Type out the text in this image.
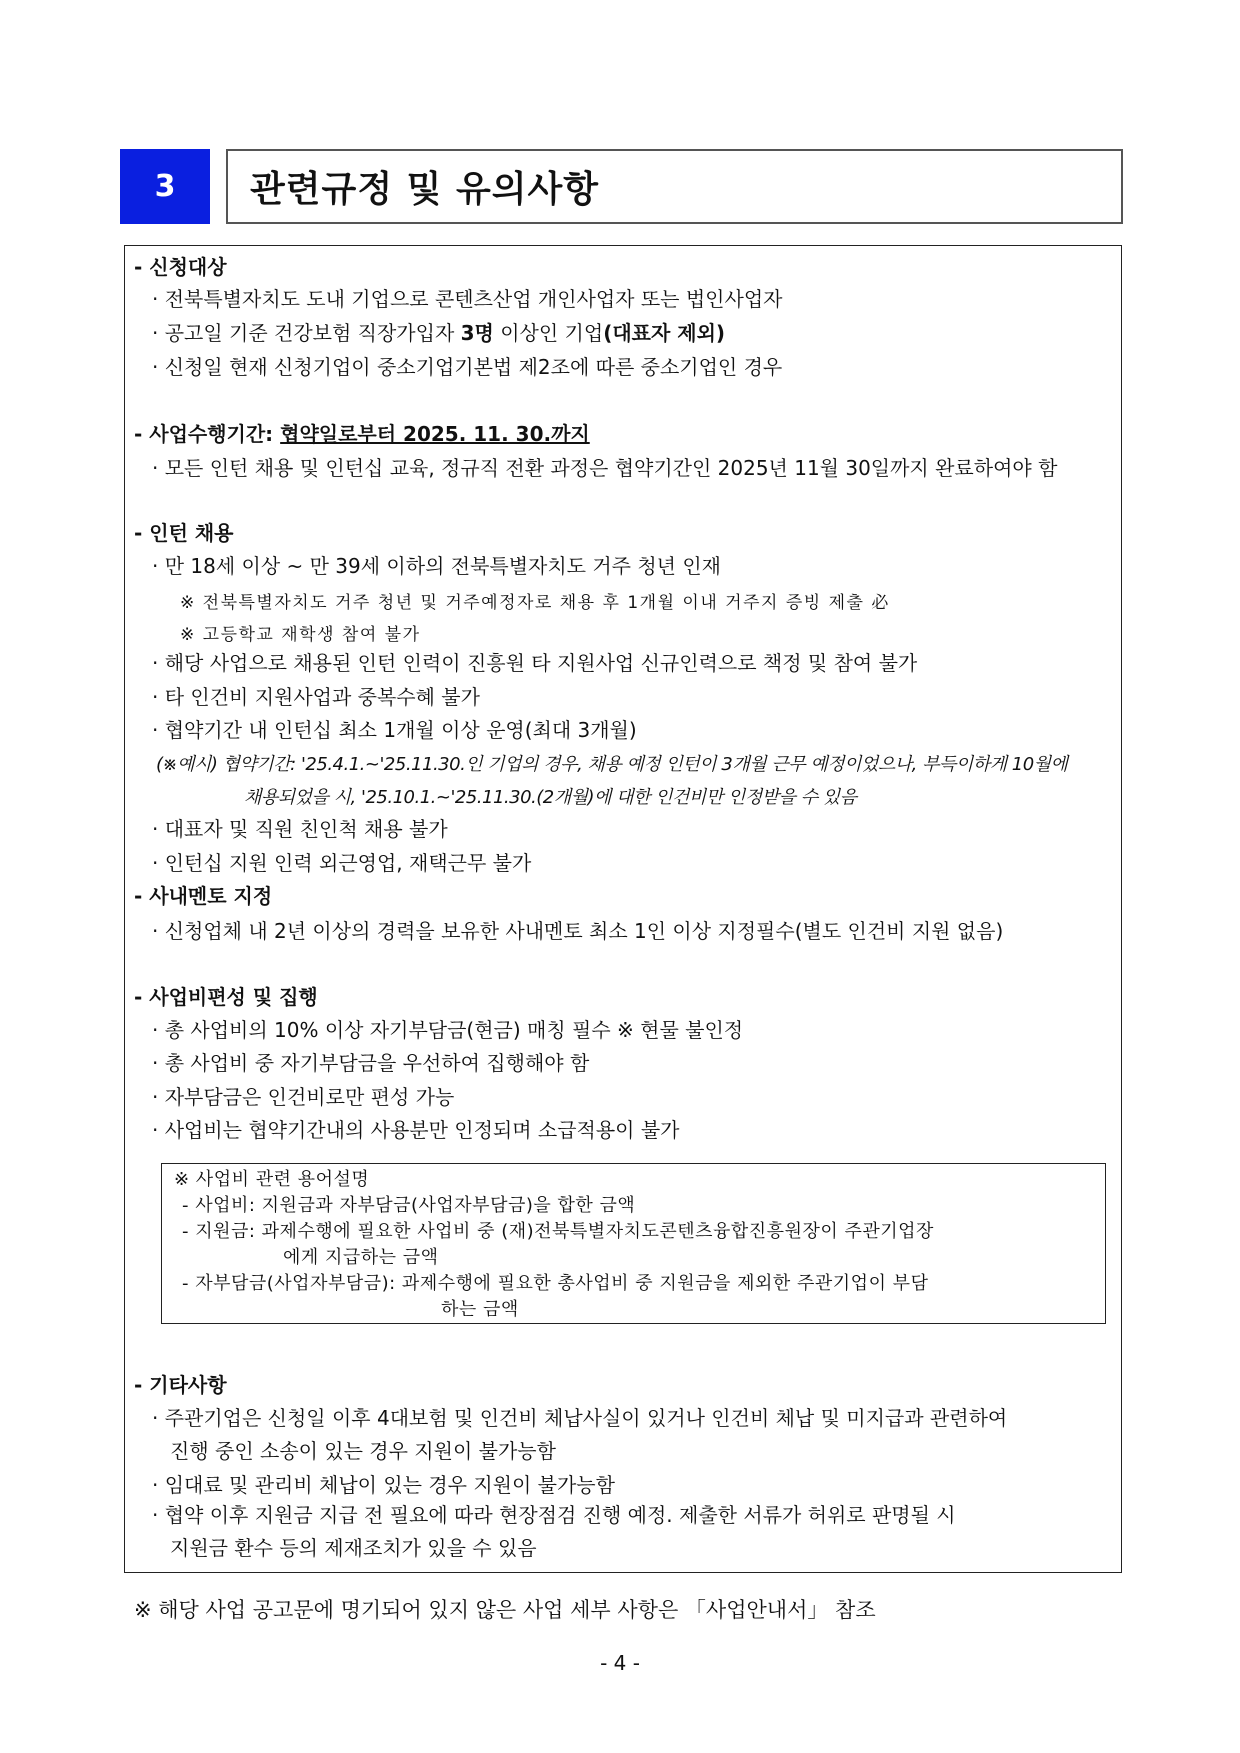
3	관련규정 및 유의사항
- 신청대상
· 전북특별자치도 도내 기업으로 콘텐츠산업 개인사업자 또는 법인사업자
· 공고일 기준 건강보험 직장가입자 3명 이상인 기업(대표자 제외)
· 신청일 현재 신청기업이 중소기업기본법 제2조에 따른 중소기업인 경우
- 사업수행기간: 협약일로부터 2025. 11. 30.까지
· 모든 인턴 채용 및 인턴십 교육, 정규직 전환 과정은 협약기간인 2025년 11월 30일까지 완료하여야 함
- 인턴 채용
· 만 18세 이상 ~ 만 39세 이하의 전북특별자치도 거주 청년 인재
※ 전북특별자치도 거주 청년 및 거주예정자로 채용 후 1개월 이내 거주지 증빙 제출 必
※ 고등학교 재학생 참여 불가
· 해당 사업으로 채용된 인턴 인력이 진흥원 타 지원사업 신규인력으로 책정 및 참여 불가
· 타 인건비 지원사업과 중복수혜 불가
· 협약기간 내 인턴십 최소 1개월 이상 운영(최대 3개월)
(※예시) 협약기간: '25.4.1.~'25.11.30.인 기업의 경우, 채용 예정 인턴이 3개월 근무 예정이었으나, 부득이하게 10월에
채용되었을 시, '25.10.1.~'25.11.30.(2개월)에 대한 인건비만 인정받을 수 있음
· 대표자 및 직원 친인척 채용 불가
· 인턴십 지원 인력 외근영업, 재택근무 불가
- 사내멘토 지정
· 신청업체 내 2년 이상의 경력을 보유한 사내멘토 최소 1인 이상 지정필수(별도 인건비 지원 없음)
- 사업비편성 및 집행
· 총 사업비의 10% 이상 자기부담금(현금) 매칭 필수 ※ 현물 불인정
· 총 사업비 중 자기부담금을 우선하여 집행해야 함
· 자부담금은 인건비로만 편성 가능
· 사업비는 협약기간내의 사용분만 인정되며 소급적용이 불가
※ 사업비 관련 용어설명
- 사업비: 지원금과 자부담금(사업자부담금)을 합한 금액
- 지원금: 과제수행에 필요한 사업비 중 (재)전북특별자치도콘텐츠융합진흥원장이 주관기업장
에게 지급하는 금액
- 자부담금(사업자부담금): 과제수행에 필요한 총사업비 중 지원금을 제외한 주관기업이 부담
하는 금액
- 기타사항
· 주관기업은 신청일 이후 4대보험 및 인건비 체납사실이 있거나 인건비 체납 및 미지급과 관련하여
진행 중인 소송이 있는 경우 지원이 불가능함
· 임대료 및 관리비 체납이 있는 경우 지원이 불가능함
· 협약 이후 지원금 지급 전 필요에 따라 현장점검 진행 예정. 제출한 서류가 허위로 판명될 시
지원금 환수 등의 제재조치가 있을 수 있음
※ 해당 사업 공고문에 명기되어 있지 않은 사업 세부 사항은 「사업안내서」 참조
- 4 -
